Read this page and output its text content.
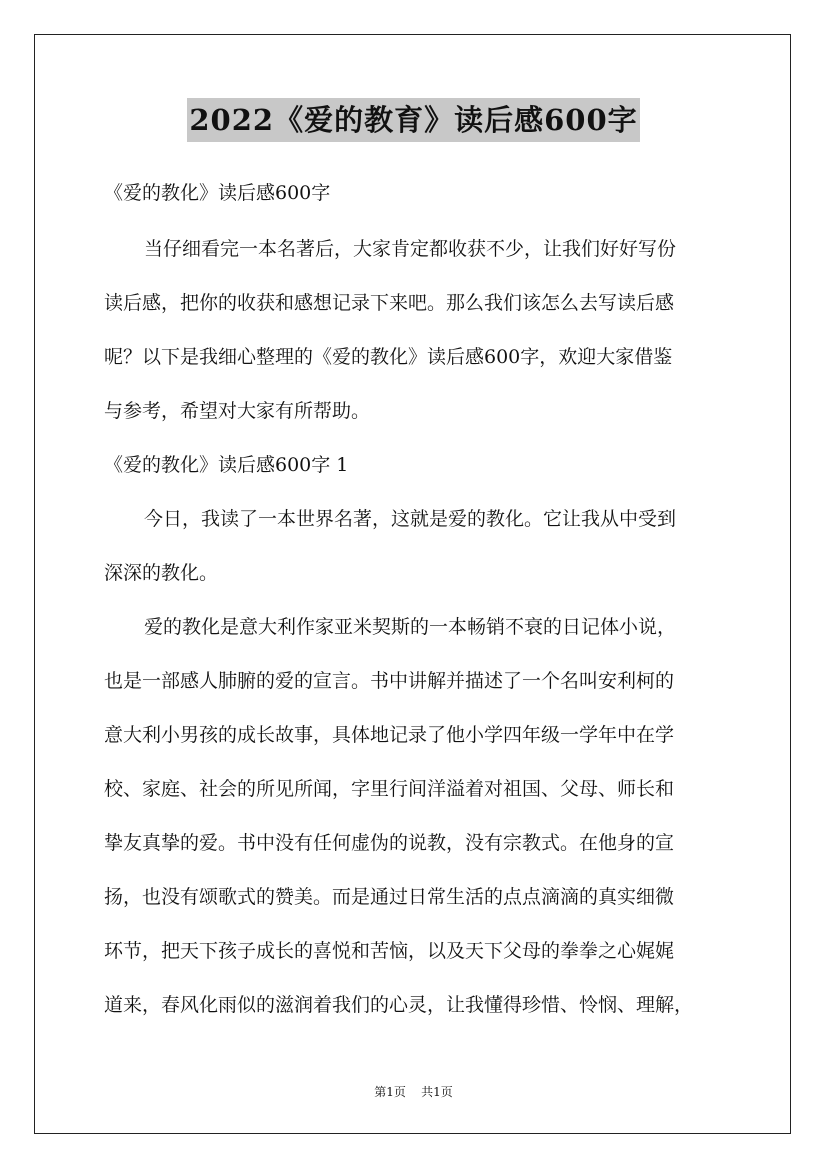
2022《爱的教育》读后感600字
《爱的教化》读后感600字
当仔细看完一本名著后，大家肯定都收获不少，让我们好好写份
读后感，把你的收获和感想记录下来吧。那么我们该怎么去写读后感
呢？以下是我细心整理的《爱的教化》读后感600字，欢迎大家借鉴
与参考，希望对大家有所帮助。
《爱的教化》读后感600字 1
今日，我读了一本世界名著，这就是爱的教化。它让我从中受到
深深的教化。
爱的教化是意大利作家亚米契斯的一本畅销不衰的日记体小说，
也是一部感人肺腑的爱的宣言。书中讲解并描述了一个名叫安利柯的
意大利小男孩的成长故事，具体地记录了他小学四年级一学年中在学
校、家庭、社会的所见所闻，字里行间洋溢着对祖国、父母、师长和
挚友真挚的爱。书中没有任何虚伪的说教，没有宗教式。在他身的宣
扬，也没有颂歌式的赞美。而是通过日常生活的点点滴滴的真实细微
环节，把天下孩子成长的喜悦和苦恼，以及天下父母的拳拳之心娓娓
道来，春风化雨似的滋润着我们的心灵，让我懂得珍惜、怜悯、理解，
第1页 共1页
